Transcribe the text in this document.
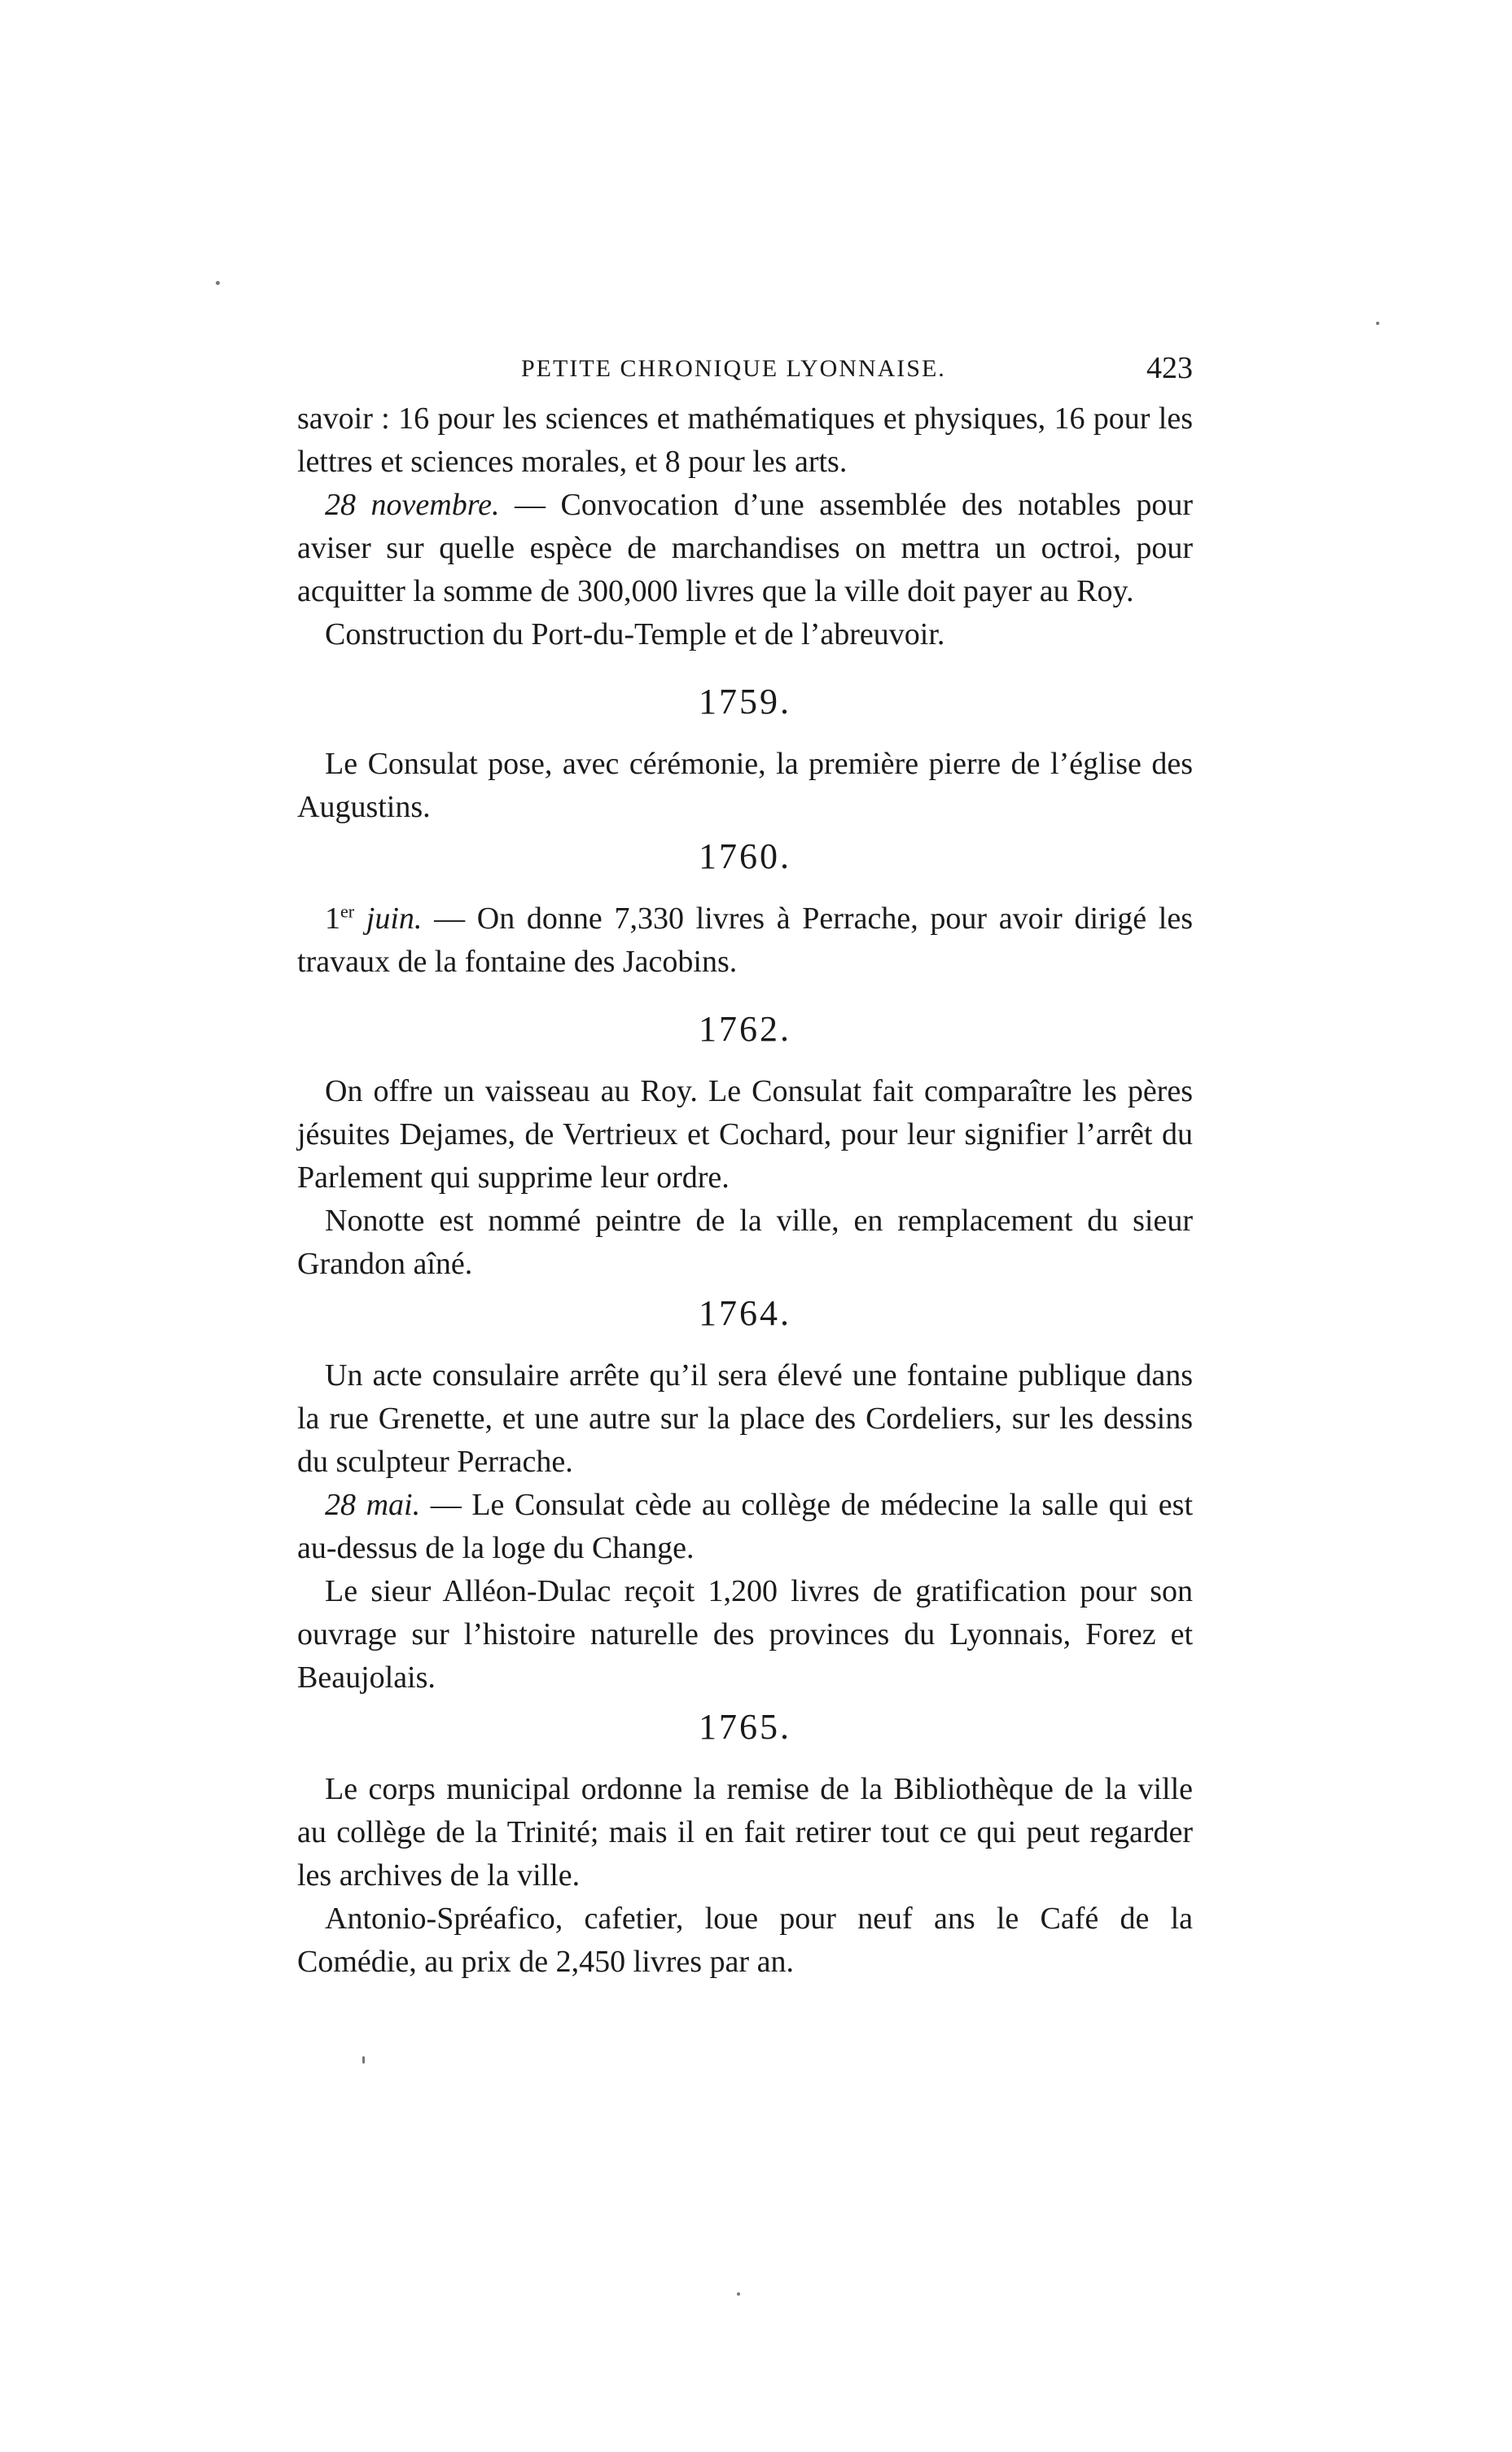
PETITE CHRONIQUE LYONNAISE.	423

savoir : 16 pour les sciences et mathématiques et physiques, 16 pour les lettres et sciences morales, et 8 pour les arts.

28 novembre. — Convocation d’une assemblée des notables pour aviser sur quelle espèce de marchandises on mettra un octroi, pour acquitter la somme de 300,000 livres que la ville doit payer au Roy.

Construction du Port-du-Temple et de l’abreuvoir.

1759.

Le Consulat pose, avec cérémonie, la première pierre de l’église des Augustins.

1760.

1er juin. — On donne 7,330 livres à Perrache, pour avoir dirigé les travaux de la fontaine des Jacobins.

1762.

On offre un vaisseau au Roy. Le Consulat fait comparaître les pères jésuites Dejames, de Vertrieux et Cochard, pour leur signifier l’arrêt du Parlement qui supprime leur ordre.

Nonotte est nommé peintre de la ville, en remplacement du sieur Grandon aîné.

1764.

Un acte consulaire arrête qu’il sera élevé une fontaine publique dans la rue Grenette, et une autre sur la place des Cordeliers, sur les dessins du sculpteur Perrache.

28 mai. — Le Consulat cède au collège de médecine la salle qui est au-dessus de la loge du Change.

Le sieur Alléon-Dulac reçoit 1,200 livres de gratification pour son ouvrage sur l’histoire naturelle des provinces du Lyonnais, Forez et Beaujolais.

1765.

Le corps municipal ordonne la remise de la Bibliothèque de la ville au collège de la Trinité; mais il en fait retirer tout ce qui peut regarder les archives de la ville.

Antonio-Spréafico, cafetier, loue pour neuf ans le Café de la Comédie, au prix de 2,450 livres par an.
